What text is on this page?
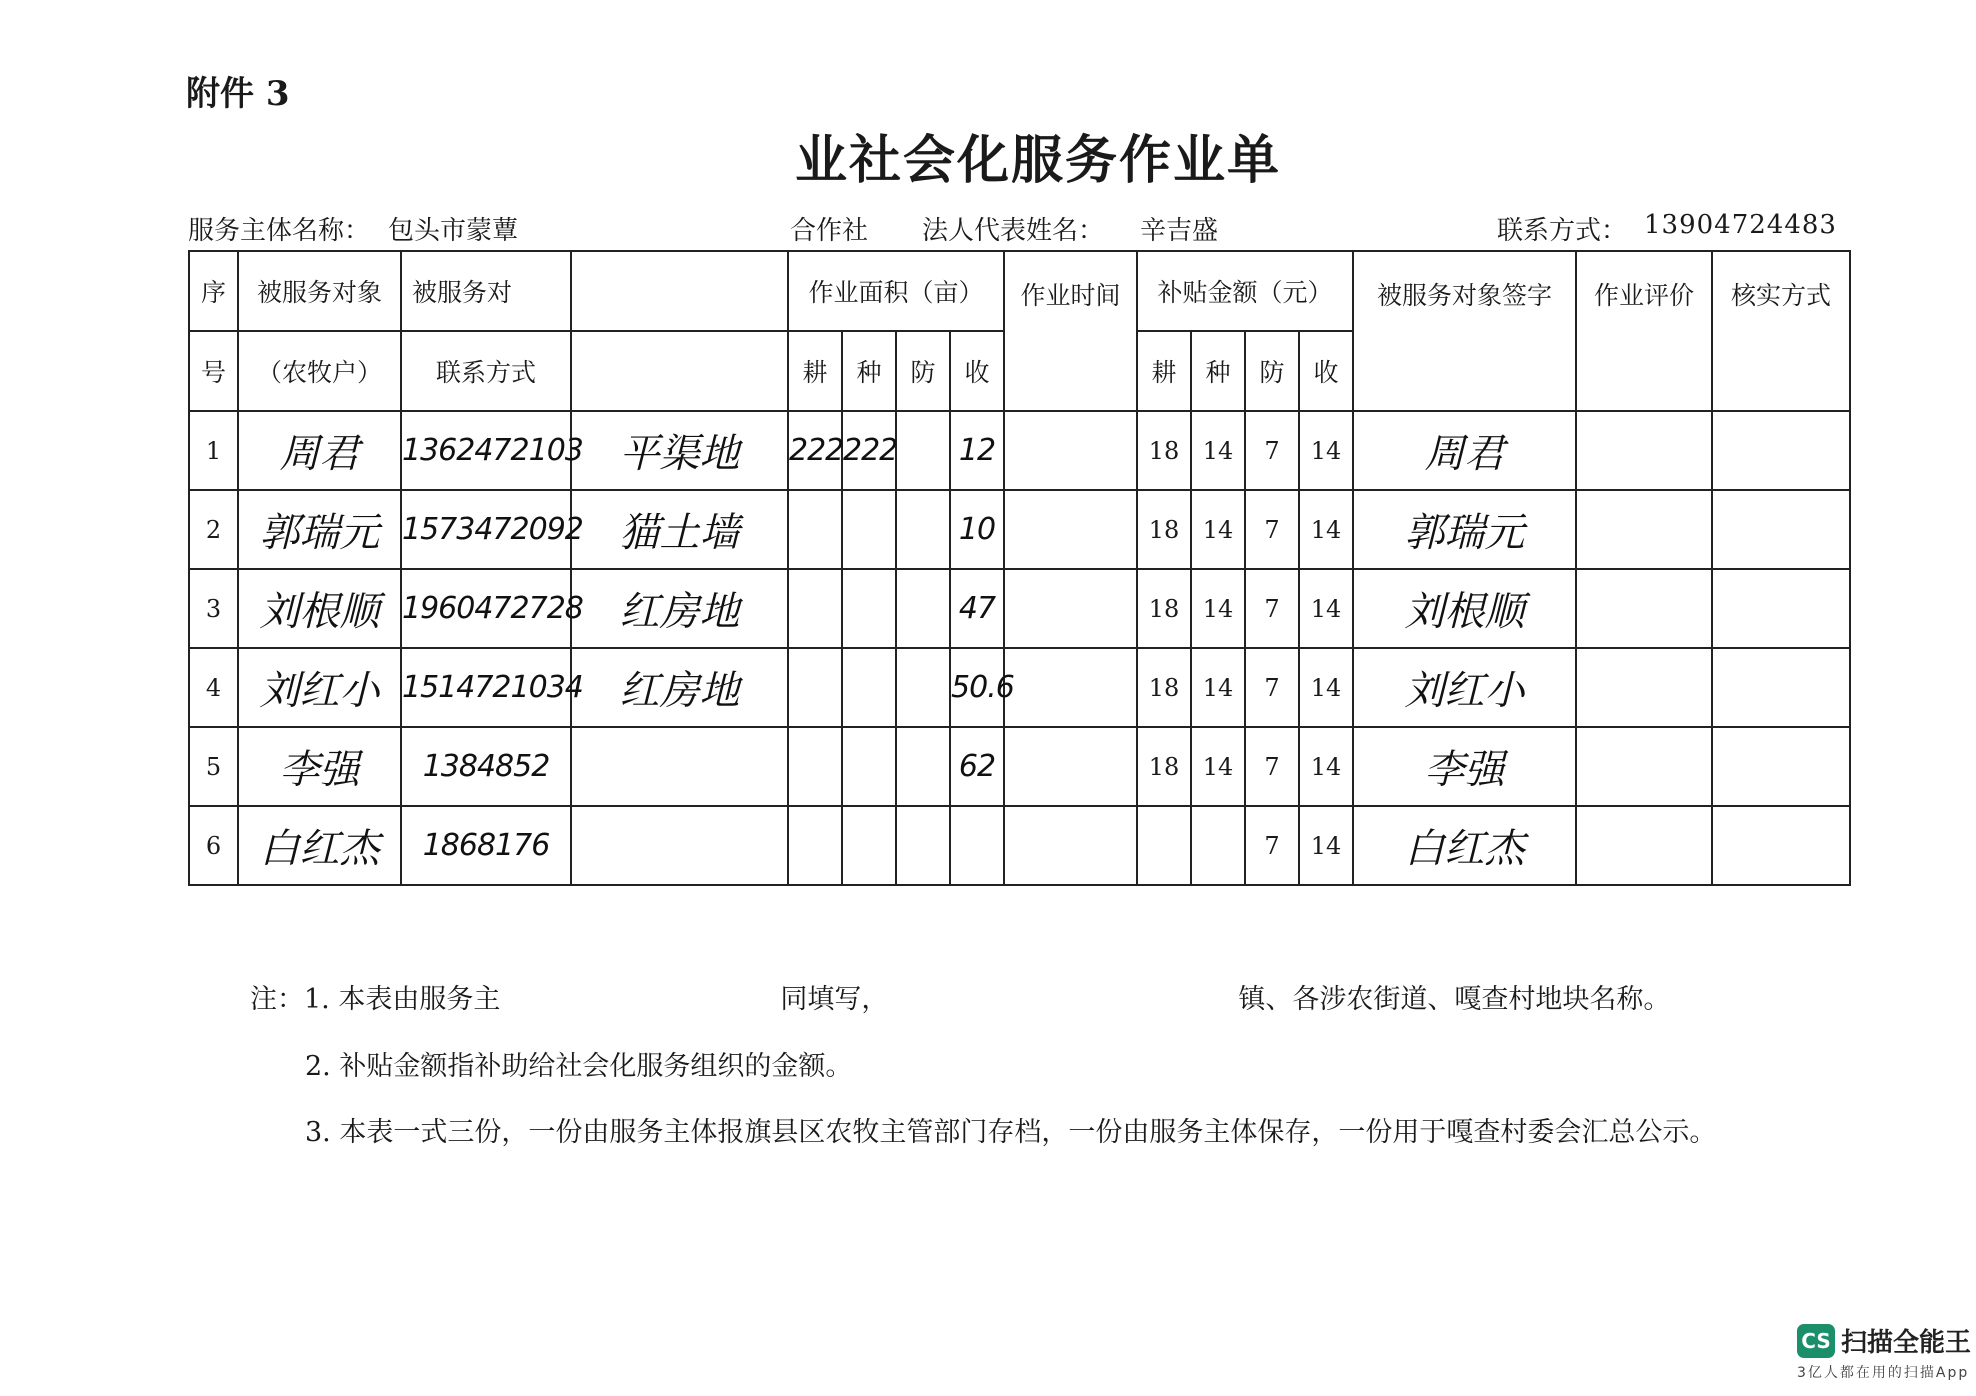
附件 3
业社会化服务作业单
服务主体名称： 包头市蒙蕈	合作社 法人代表姓名： 辛吉盛	联系方式： 13904724483
序	被服务对象	被服务对		作业面积（亩）				作业时间	补贴金额（元）				被服务对象签字	作业评价	核实方式
号	（农牧户）	联系方式		耕	种	防	收		耕	种	防	收			
1	周君	1362472103	平渠地	222	222		12		18	14	7	14	周君		
2	郭瑞元	1573472092	猫土墙				10		18	14	7	14	郭瑞元		
3	刘根顺	1960472728	红房地				47		18	14	7	14	刘根顺		
4	刘红小	1514721034	红房地				50.6		18	14	7	14	刘红小		
5	李强	1384852					62		18	14	7	14	李强		
6	白红杰	1868176									7	14	白红杰		
注：1. 本表由服务主	同填写，	镇、各涉农街道、嘎查村地块名称。
2. 补贴金额指补助给社会化服务组织的金额。
3. 本表一式三份，一份由服务主体报旗县区农牧主管部门存档，一份由服务主体保存，一份用于嘎查村委会汇总公示。
CS 扫描全能王
3亿人都在用的扫描App
